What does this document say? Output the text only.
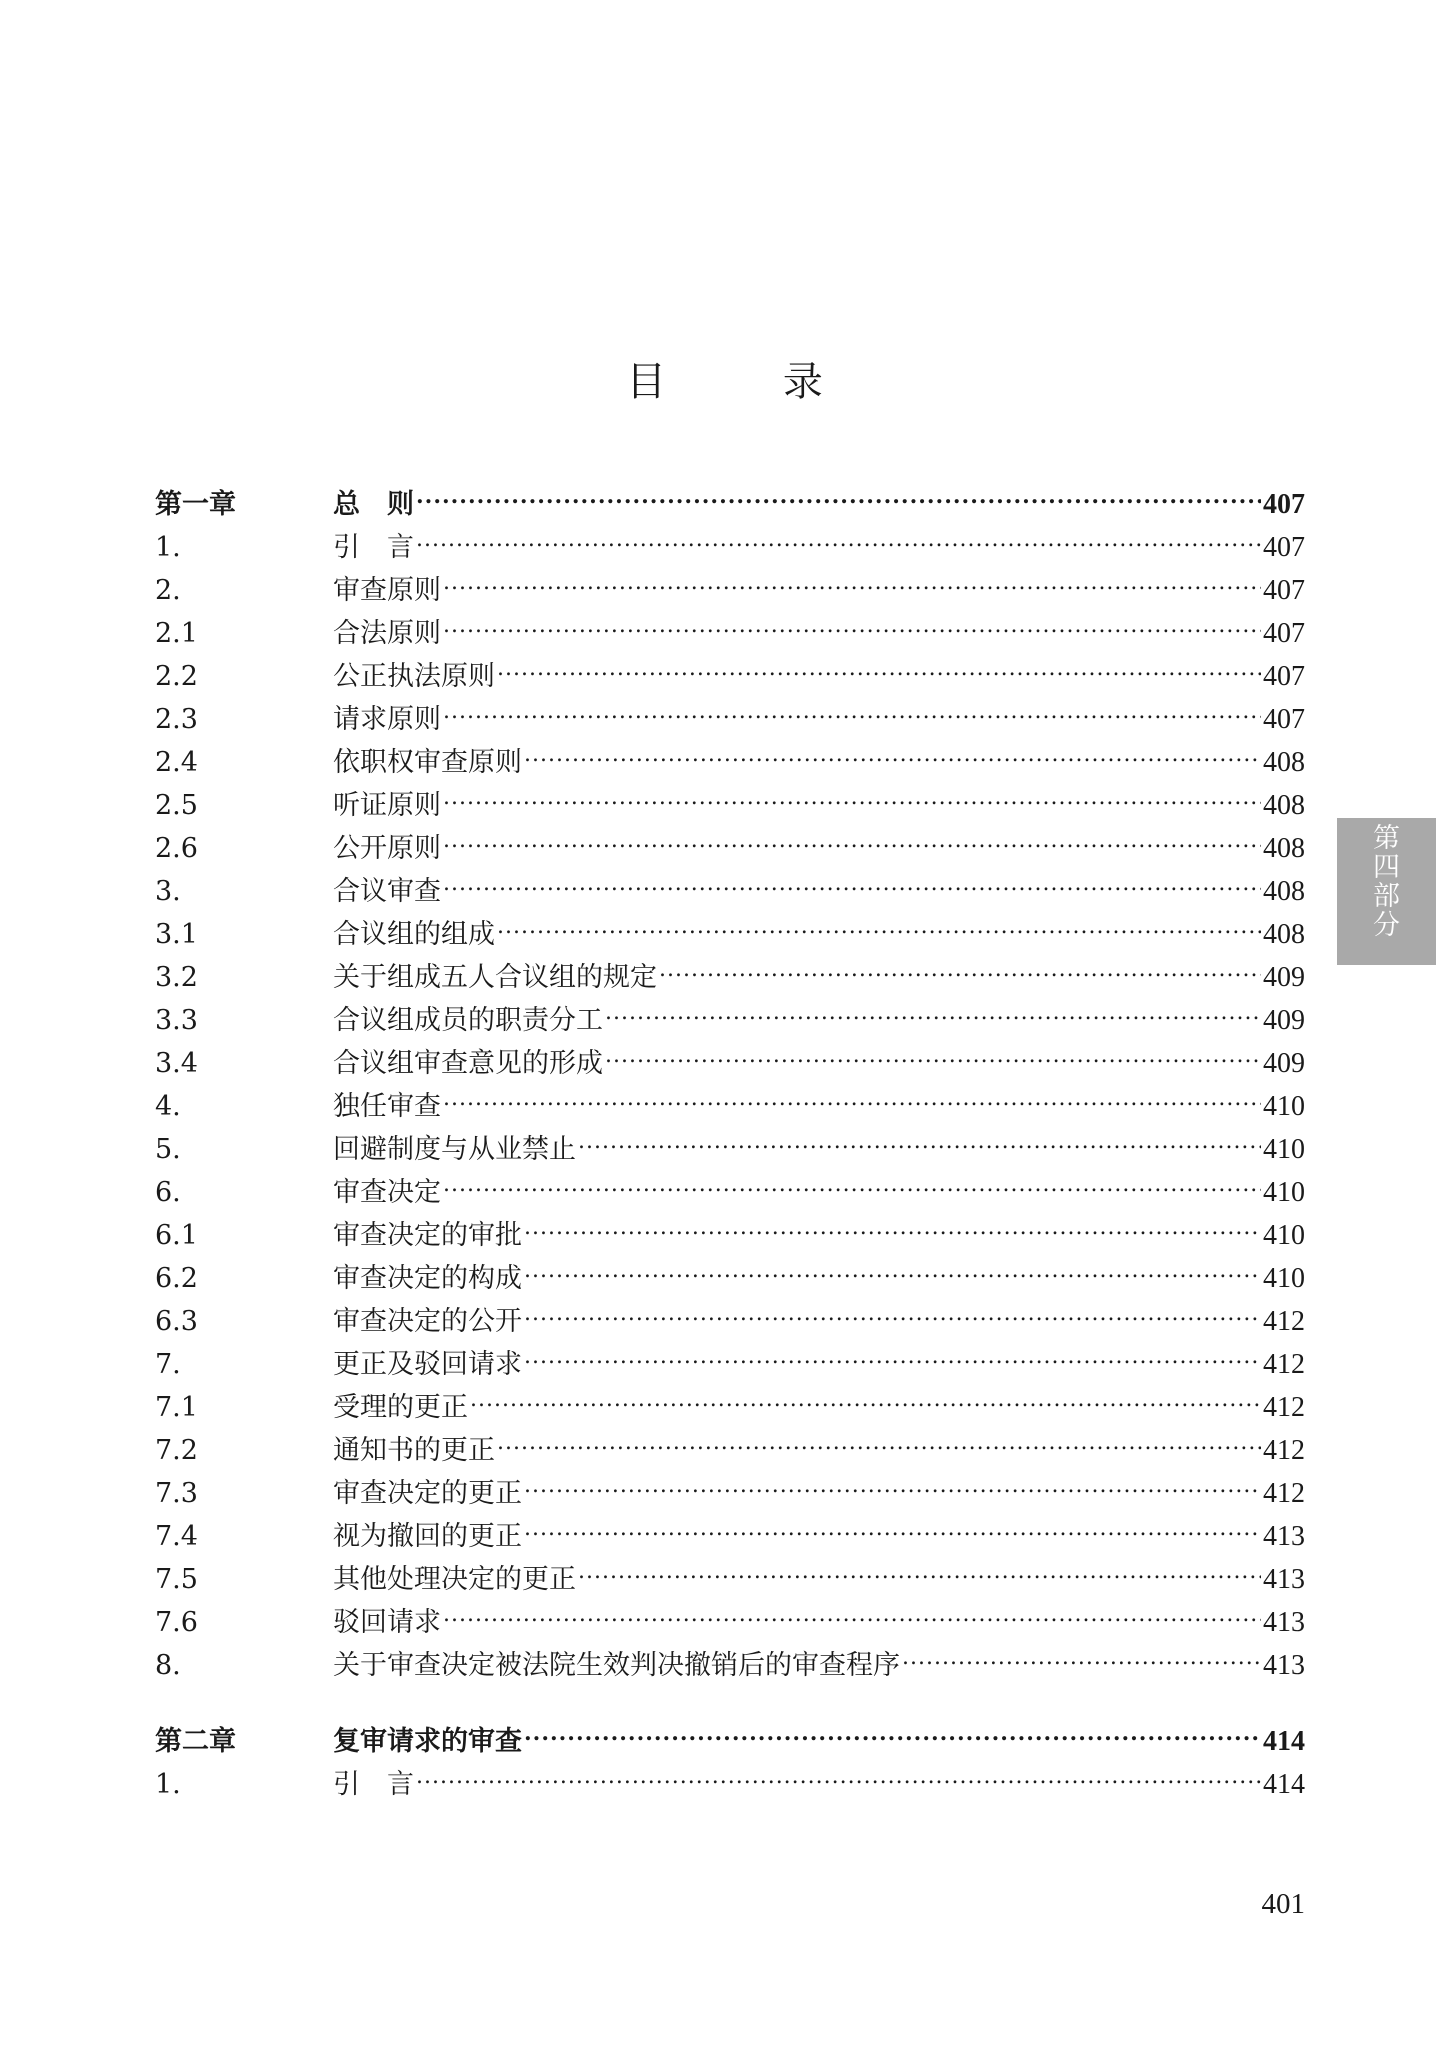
目 录
第一章	总　则 .....	407
1.	引　言 .....	407
2.	审查原则 .....	407
2.1	合法原则 .....	407
2.2	公正执法原则 .....	407
2.3	请求原则 .....	407
2.4	依职权审查原则 .....	408
2.5	听证原则 .....	408
2.6	公开原则 .....	408
3.	合议审查 .....	408
3.1	合议组的组成 .....	408
3.2	关于组成五人合议组的规定 .....	409
3.3	合议组成员的职责分工 .....	409
3.4	合议组审查意见的形成 .....	409
4.	独任审查 .....	410
5.	回避制度与从业禁止 .....	410
6.	审查决定 .....	410
6.1	审查决定的审批 .....	410
6.2	审查决定的构成 .....	410
6.3	审查决定的公开 .....	412
7.	更正及驳回请求 .....	412
7.1	受理的更正 .....	412
7.2	通知书的更正 .....	412
7.3	审查决定的更正 .....	412
7.4	视为撤回的更正 .....	413
7.5	其他处理决定的更正 .....	413
7.6	驳回请求 .....	413
8.	关于审查决定被法院生效判决撤销后的审查程序 .....	413
第二章	复审请求的审查 .....	414
1.	引　言 .....	414
第
四
部
分
401
